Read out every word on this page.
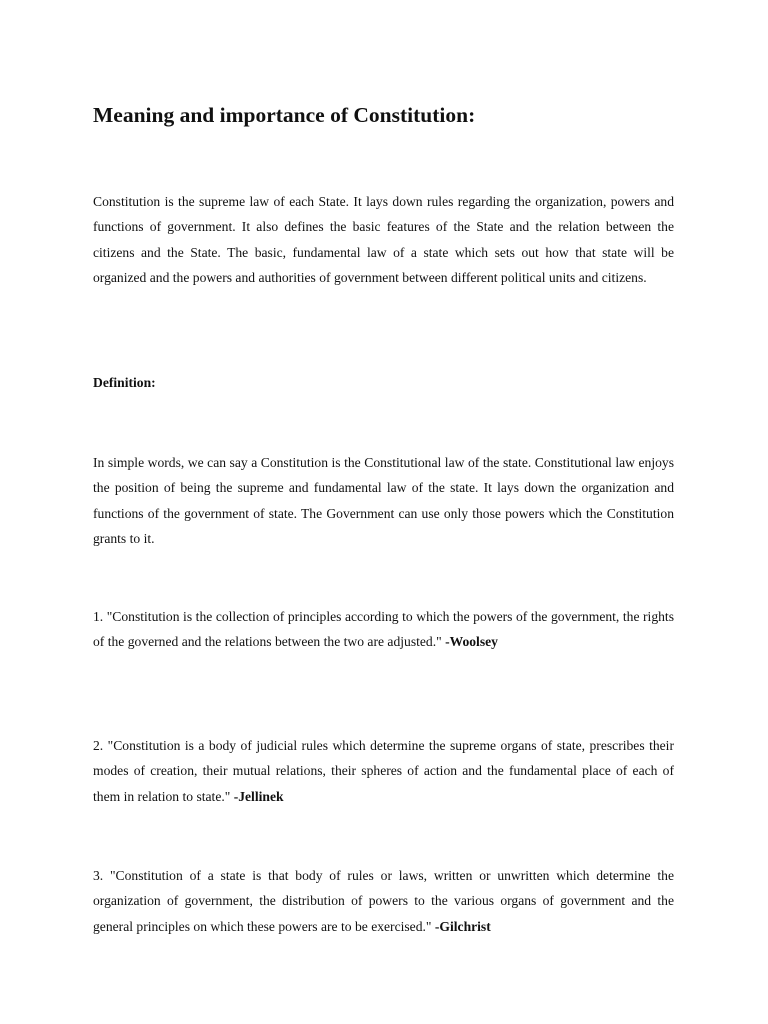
Meaning and importance of Constitution:

Constitution is the supreme law of each State. It lays down rules regarding the organization, powers and functions of government. It also defines the basic features of the State and the relation between the citizens and the State. The basic, fundamental law of a state which sets out how that state will be organized and the powers and authorities of government between different political units and citizens.

Definition:

In simple words, we can say a Constitution is the Constitutional law of the state. Constitutional law enjoys the position of being the supreme and fundamental law of the state. It lays down the organization and functions of the government of state. The Government can use only those powers which the Constitution grants to it.

1. "Constitution is the collection of principles according to which the powers of the government, the rights of the governed and the relations between the two are adjusted." -Woolsey

2. "Constitution is a body of judicial rules which determine the supreme organs of state, prescribes their modes of creation, their mutual relations, their spheres of action and the fundamental place of each of them in relation to state." -Jellinek

3. "Constitution of a state is that body of rules or laws, written or unwritten which determine the organization of government, the distribution of powers to the various organs of government and the general principles on which these powers are to be exercised." -Gilchrist
